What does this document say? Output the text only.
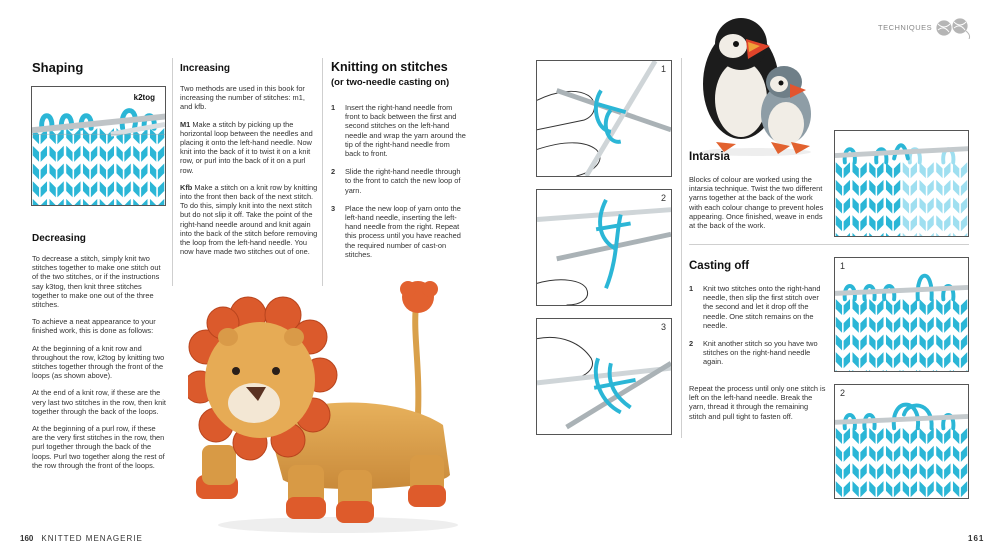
Shaping
k2tog
Decreasing

To decrease a stitch, simply knit two stitches together to make one stitch out of the two stitches, or if the instructions say k3tog, then knit three stitches together to make one out of the three stitches.

To achieve a neat appearance to your finished work, this is done as follows:

At the beginning of a knit row and throughout the row, k2tog by knitting two stitches together through the front of the loops (as shown above).

At the end of a knit row, if these are the very last two stitches in the row, then knit together through the back of the loops.

At the beginning of a purl row, if these are the very first stitches in the row, then purl together through the back of the loops. Purl two together along the rest of the row through the front of the loops.

Increasing

Two methods are used in this book for increasing the number of stitches: m1, and kfb.

M1 Make a stitch by picking up the horizontal loop between the needles and placing it onto the left-hand needle. Now knit into the back of it to twist it on a knit row, or purl into the back of it on a purl row.

Kfb Make a stitch on a knit row by knitting into the front then back of the next stitch. To do this, simply knit into the next stitch but do not slip it off. Take the point of the right-hand needle around and knit again into the back of the stitch before removing the loop from the left-hand needle. You now have made two stitches out of one.

Knitting on stitches
(or two-needle casting on)
1	Insert the right-hand needle from front to back between the first and second stitches on the left-hand needle and wrap the yarn around the tip of the right-hand needle from back to front.
2	Slide the right-hand needle through to the front to catch the new loop of yarn.
3	Place the new loop of yarn onto the left-hand needle, inserting the left-hand needle from the right. Repeat this process until you have reached the required number of cast-on stitches.
160 KNITTED MENAGERIE
TECHNIQUES
1
2
3
Intarsia
Blocks of colour are worked using the intarsia technique. Twist the two different yarns together at the back of the work with each colour change to prevent holes appearing. Once finished, weave in ends at the back of the work.
Casting off
1	Knit two stitches onto the right-hand needle, then slip the first stitch over the second and let it drop off the needle. One stitch remains on the needle.
2	Knit another stitch so you have two stitches on the right-hand needle again.
Repeat the process until only one stitch is left on the left-hand needle. Break the yarn, thread it through the remaining stitch and pull tight to fasten off.
1
2
161
